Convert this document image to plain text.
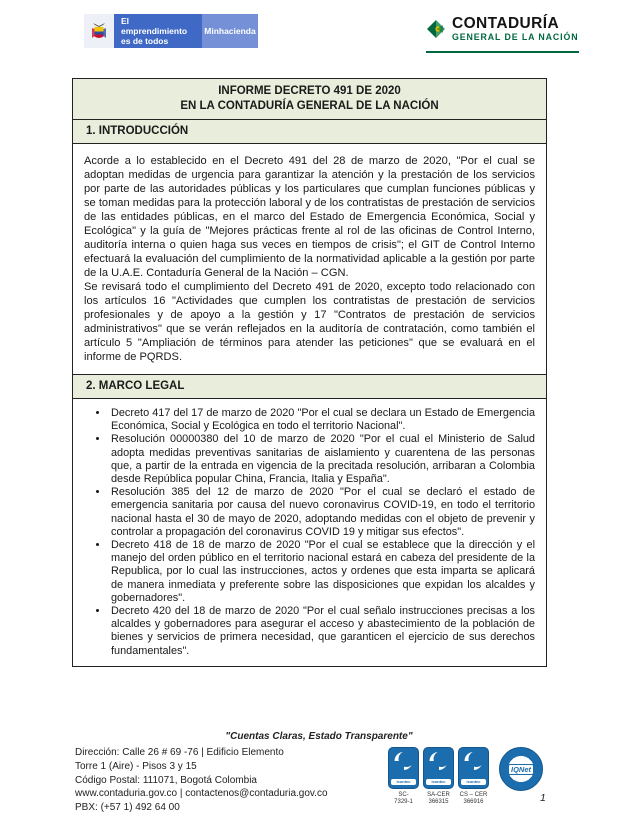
El emprendimiento
es de todos
Minhacienda	CONTADURÍA
GENERAL DE LA NACIÓN
INFORME DECRETO 491 DE 2020
EN LA CONTADURÍA GENERAL DE LA NACIÓN
1. INTRODUCCIÓN

Acorde a lo establecido en el Decreto 491 del 28 de marzo de 2020, "Por el cual se adoptan medidas de urgencia para garantizar la atención y la prestación de los servicios por parte de las autoridades públicas y los particulares que cumplan funciones públicas y se toman medidas para la protección laboral y de los contratistas de prestación de servicios de las entidades públicas, en el marco del Estado de Emergencia Económica, Social y Ecológica" y la guía de "Mejores prácticas frente al rol de las oficinas de Control Interno, auditoría interna o quien haga sus veces en tiempos de crisis"; el GIT de Control Interno efectuará la evaluación del cumplimiento de la normatividad aplicable a la gestión por parte de la U.A.E. Contaduría General de la Nación – CGN.

Se revisará todo el cumplimiento del Decreto 491 de 2020, excepto todo relacionado con los artículos 16 "Actividades que cumplen los contratistas de prestación de servicios profesionales y de apoyo a la gestión y 17 "Contratos de prestación de servicios administrativos" que se verán reflejados en la auditoría de contratación, como también el artículo 5 "Ampliación de términos para atender las peticiones" que se evaluará en el informe de PQRDS.

2. MARCO LEGAL
• Decreto 417 del 17 de marzo de 2020 "Por el cual se declara un Estado de Emergencia Económica, Social y Ecológica en todo el territorio Nacional".
• Resolución 00000380 del 10 de marzo de 2020 "Por el cual el Ministerio de Salud adopta medidas preventivas sanitarias de aislamiento y cuarentena de las personas que, a partir de la entrada en vigencia de la precitada resolución, arribaran a Colombia desde República popular China, Francia, Italia y España".
• Resolución 385 del 12 de marzo de 2020 "Por el cual se declaró el estado de emergencia sanitaria por causa del nuevo coronavirus COVID-19, en todo el territorio nacional hasta el 30 de mayo de 2020, adoptando medidas con el objeto de prevenir y controlar a propagación del coronavirus COVID 19 y mitigar sus efectos".
• Decreto 418 de 18 de marzo de 2020 "Por el cual se establece que la dirección y el manejo del orden público en el territorio nacional estará en cabeza del presidente de la Republica, por lo cual las instrucciones, actos y ordenes que esta imparta se aplicará de manera inmediata y preferente sobre las disposiciones que expidan los alcaldes y gobernadores".
• Decreto 420 del 18 de marzo de 2020 "Por el cual señalo instrucciones precisas a los alcaldes y gobernadores para asegurar el acceso y abastecimiento de la población de bienes y servicios de primera necesidad, que garanticen el ejercicio de sus derechos fundamentales".
"Cuentas Claras, Estado Transparente"
Dirección: Calle 26 # 69 -76 | Edificio Elemento
Torre 1 (Aire) - Pisos 3 y 15
Código Postal: 111071, Bogotá Colombia
www.contaduria.gov.co | contactenos@contaduria.gov.co
PBX: (+57 1) 492 64 00
icontec
SC-
7329-1
icontec
SA-CER
366315
icontec
CS – CER
366916
IQNet
1
